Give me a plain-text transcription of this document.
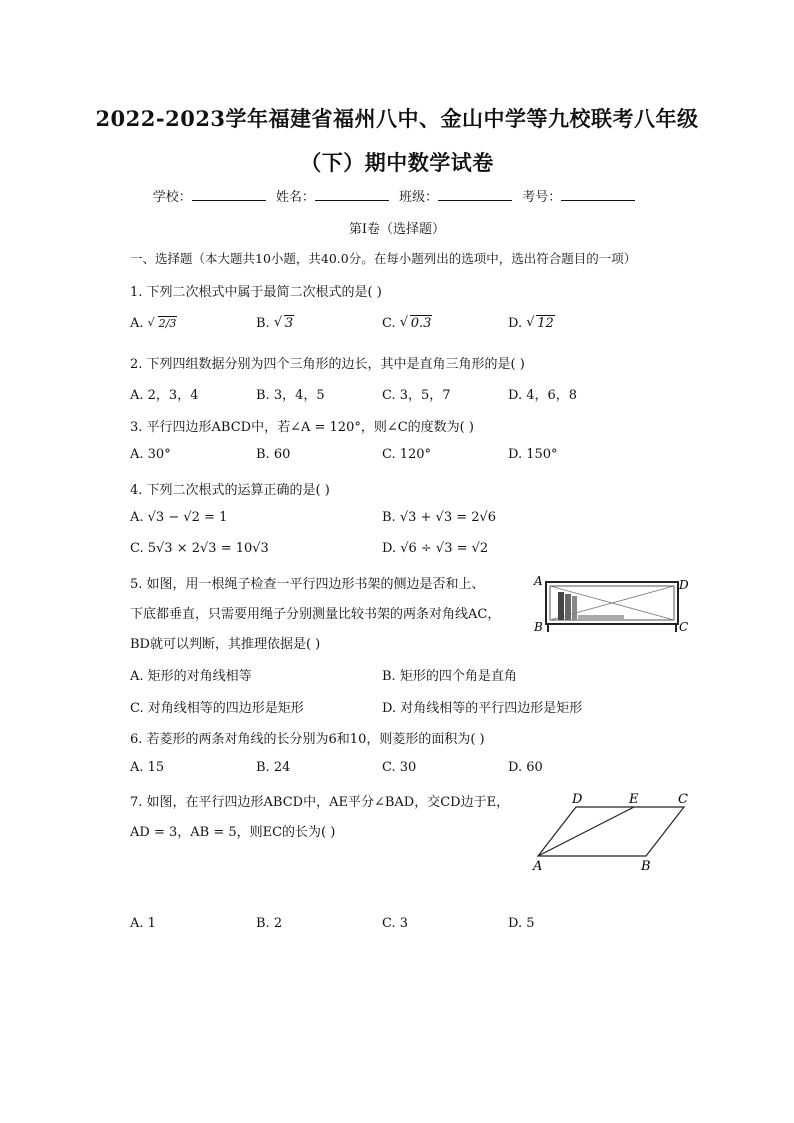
2022-2023学年福建省福州八中、金山中学等九校联考八年级
（下）期中数学试卷
学校：	姓名：	班级：	考号：
第Ⅰ卷（选择题）
一、选择题（本大题共10小题，共40.0分。在每小题列出的选项中，选出符合题目的一项）
1. 下列二次根式中属于最简二次根式的是( )
A. √ 2/3	B. √ 3	C. √ 0.3	D. √ 12
2. 下列四组数据分别为四个三角形的边长，其中是直角三角形的是( )
A. 2，3，4	B. 3，4，5	C. 3，5，7	D. 4，6，8
3. 平行四边形ABCD中，若∠A = 120°，则∠C的度数为( )
A. 30°	B. 60	C. 120°	D. 150°
4. 下列二次根式的运算正确的是( )
A. √3 − √2 = 1	B. √3 + √3 = 2√6
C. 5√3 × 2√3 = 10√3	D. √6 ÷ √3 = √2
5. 如图，用一根绳子检查一平行四边形书架的侧边是否和上、
下底都垂直，只需要用绳子分别测量比较书架的两条对角线AC，
BD就可以判断，其推理依据是( )
A
B	C
D
A. 矩形的对角线相等	B. 矩形的四个角是直角
C. 对角线相等的四边形是矩形	D. 对角线相等的平行四边形是矩形
6. 若菱形的两条对角线的长分别为6和10，则菱形的面积为( )
A. 15	B. 24	C. 30	D. 60
7. 如图，在平行四边形ABCD中，AE平分∠BAD，交CD边于E，
AD = 3，AB = 5，则EC的长为( )
A	B
C
D	E
A. 1	B. 2	C. 3	D. 5
